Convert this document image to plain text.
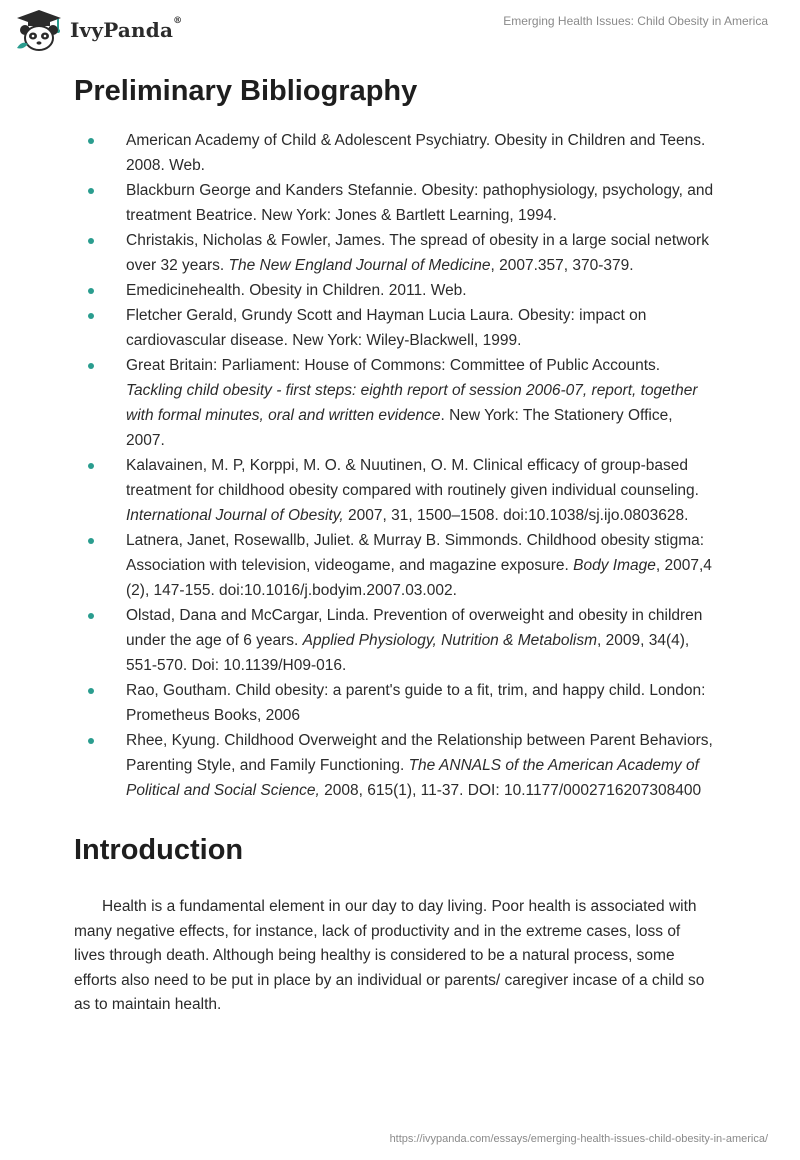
IvyPanda®	Emerging Health Issues: Child Obesity in America
Preliminary Bibliography
American Academy of Child & Adolescent Psychiatry. Obesity in Children and Teens. 2008. Web.
Blackburn George and Kanders Stefannie. Obesity: pathophysiology, psychology, and treatment Beatrice. New York: Jones & Bartlett Learning, 1994.
Christakis, Nicholas & Fowler, James. The spread of obesity in a large social network over 32 years. The New England Journal of Medicine, 2007.357, 370-379.
Emedicinehealth. Obesity in Children. 2011. Web.
Fletcher Gerald, Grundy Scott and Hayman Lucia Laura. Obesity: impact on cardiovascular disease. New York: Wiley-Blackwell, 1999.
Great Britain: Parliament: House of Commons: Committee of Public Accounts. Tackling child obesity - first steps: eighth report of session 2006-07, report, together with formal minutes, oral and written evidence. New York: The Stationery Office, 2007.
Kalavainen, M. P, Korppi, M. O. & Nuutinen, O. M. Clinical efficacy of group-based treatment for childhood obesity compared with routinely given individual counseling. International Journal of Obesity, 2007, 31, 1500–1508. doi:10.1038/sj.ijo.0803628.
Latnera, Janet, Rosewallb, Juliet. & Murray B. Simmonds. Childhood obesity stigma: Association with television, videogame, and magazine exposure. Body Image, 2007,4 (2), 147-155. doi:10.1016/j.bodyim.2007.03.002.
Olstad, Dana and McCargar, Linda. Prevention of overweight and obesity in children under the age of 6 years. Applied Physiology, Nutrition & Metabolism, 2009, 34(4), 551-570. Doi: 10.1139/H09-016.
Rao, Goutham. Child obesity: a parent's guide to a fit, trim, and happy child. London: Prometheus Books, 2006
Rhee, Kyung. Childhood Overweight and the Relationship between Parent Behaviors, Parenting Style, and Family Functioning. The ANNALS of the American Academy of Political and Social Science, 2008, 615(1), 11-37. DOI: 10.1177/0002716207308400
Introduction

Health is a fundamental element in our day to day living. Poor health is associated with many negative effects, for instance, lack of productivity and in the extreme cases, loss of lives through death. Although being healthy is considered to be a natural process, some efforts also need to be put in place by an individual or parents/ caregiver incase of a child so as to maintain health.

https://ivypanda.com/essays/emerging-health-issues-child-obesity-in-america/
